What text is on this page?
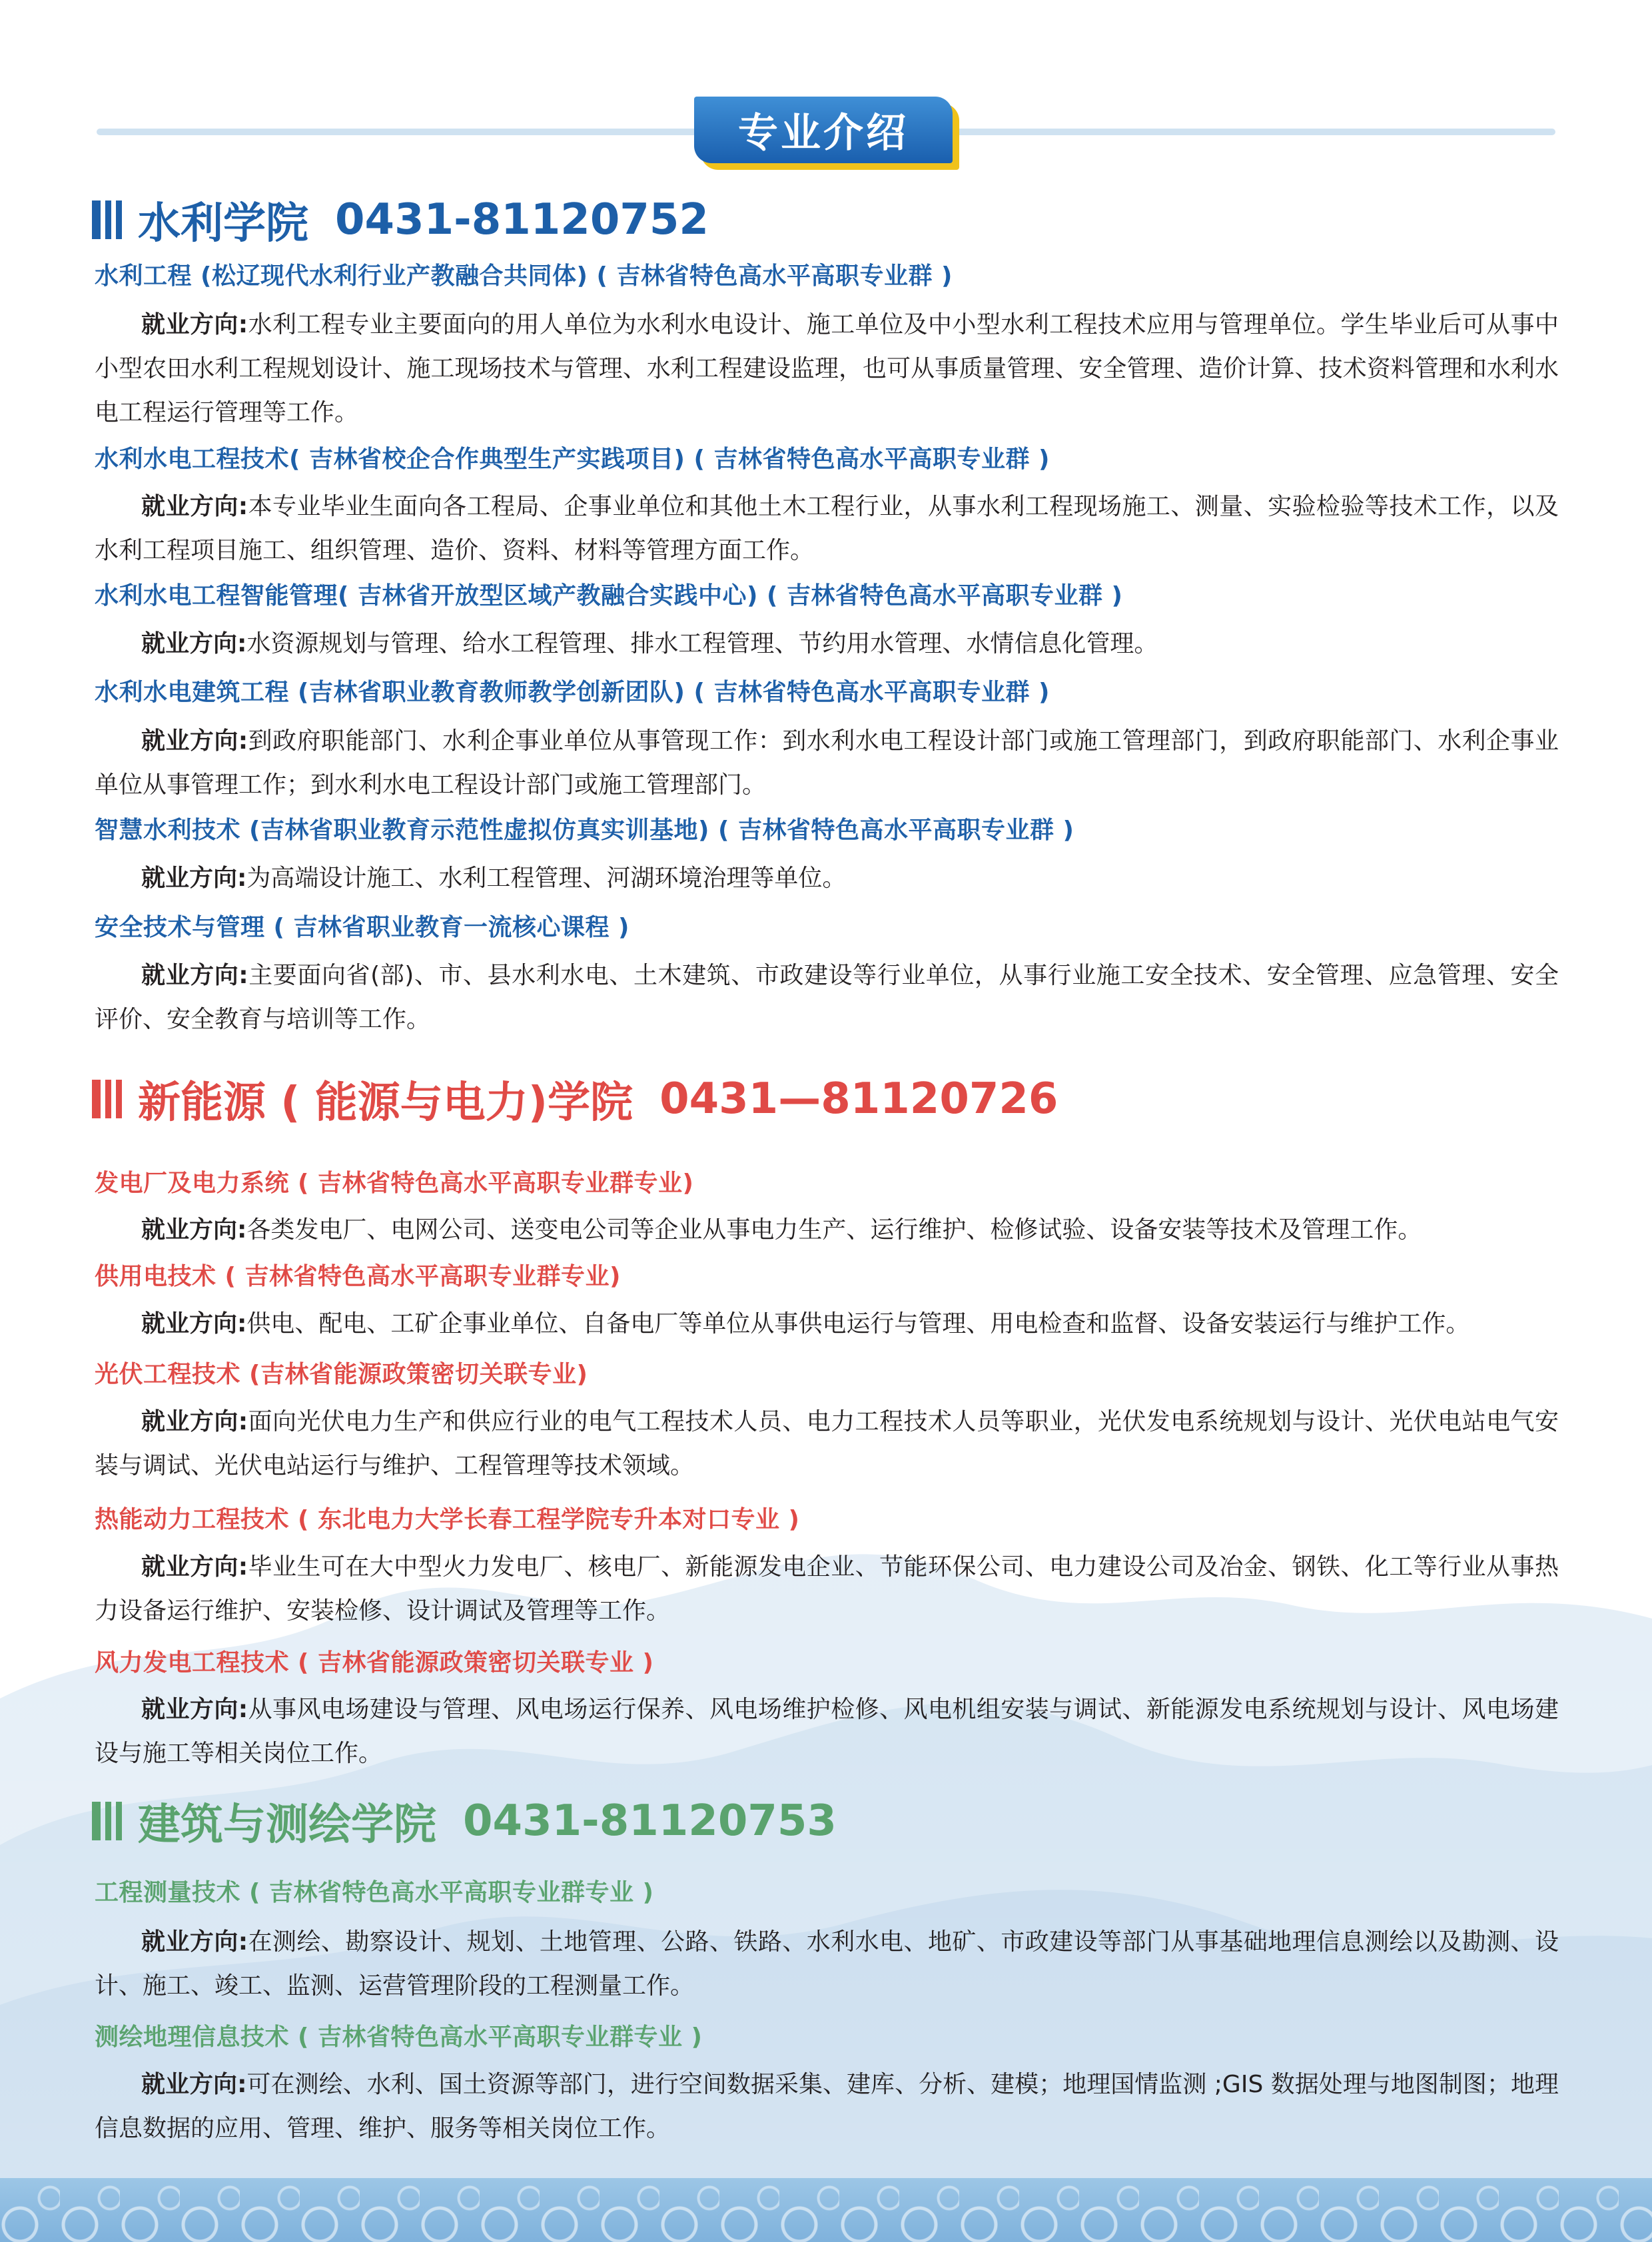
专业介绍
水利学院 0431-81120752
水利工程 (松辽现代水利行业产教融合共同体) ( 吉林省特色高水平高职专业群 )
就业方向:水利工程专业主要面向的用人单位为水利水电设计、施工单位及中小型水利工程技术应用与管理单位。学生毕业后可从事中小型农田水利工程规划设计、施工现场技术与管理、水利工程建设监理，也可从事质量管理、安全管理、造价计算、技术资料管理和水利水电工程运行管理等工作。
水利水电工程技术( 吉林省校企合作典型生产实践项目) ( 吉林省特色高水平高职专业群 )
就业方向:本专业毕业生面向各工程局、企事业单位和其他土木工程行业，从事水利工程现场施工、测量、实验检验等技术工作，以及水利工程项目施工、组织管理、造价、资料、材料等管理方面工作。
水利水电工程智能管理( 吉林省开放型区域产教融合实践中心) ( 吉林省特色高水平高职专业群 )
就业方向:水资源规划与管理、给水工程管理、排水工程管理、节约用水管理、水情信息化管理。
水利水电建筑工程 (吉林省职业教育教师教学创新团队) ( 吉林省特色高水平高职专业群 )
就业方向:到政府职能部门、水利企事业单位从事管现工作：到水利水电工程设计部门或施工管理部门，到政府职能部门、水利企事业单位从事管理工作；到水利水电工程设计部门或施工管理部门。
智慧水利技术 (吉林省职业教育示范性虚拟仿真实训基地) ( 吉林省特色高水平高职专业群 )
就业方向:为高端设计施工、水利工程管理、河湖环境治理等单位。
安全技术与管理 ( 吉林省职业教育一流核心课程 )
就业方向:主要面向省(部)、市、县水利水电、土木建筑、市政建设等行业单位，从事行业施工安全技术、安全管理、应急管理、安全评价、安全教育与培训等工作。
新能源 ( 能源与电力)学院 0431—81120726
发电厂及电力系统 ( 吉林省特色高水平高职专业群专业)
就业方向:各类发电厂、电网公司、送变电公司等企业从事电力生产、运行维护、检修试验、设备安装等技术及管理工作。
供用电技术 ( 吉林省特色高水平高职专业群专业)
就业方向:供电、配电、工矿企事业单位、自备电厂等单位从事供电运行与管理、用电检查和监督、设备安装运行与维护工作。
光伏工程技术 (吉林省能源政策密切关联专业)
就业方向:面向光伏电力生产和供应行业的电气工程技术人员、电力工程技术人员等职业，光伏发电系统规划与设计、光伏电站电气安装与调试、光伏电站运行与维护、工程管理等技术领域。
热能动力工程技术 ( 东北电力大学长春工程学院专升本对口专业 )
就业方向:毕业生可在大中型火力发电厂、核电厂、新能源发电企业、节能环保公司、电力建设公司及冶金、钢铁、化工等行业从事热力设备运行维护、安装检修、设计调试及管理等工作。
风力发电工程技术 ( 吉林省能源政策密切关联专业 )
就业方向:从事风电场建设与管理、风电场运行保养、风电场维护检修、风电机组安装与调试、新能源发电系统规划与设计、风电场建设与施工等相关岗位工作。
建筑与测绘学院 0431-81120753
工程测量技术 ( 吉林省特色高水平高职专业群专业 )
就业方向:在测绘、勘察设计、规划、土地管理、公路、铁路、水利水电、地矿、市政建设等部门从事基础地理信息测绘以及勘测、设计、施工、竣工、监测、运营管理阶段的工程测量工作。
测绘地理信息技术 ( 吉林省特色高水平高职专业群专业 )
就业方向:可在测绘、水利、国土资源等部门，进行空间数据采集、建库、分析、建模；地理国情监测 ;GIS 数据处理与地图制图；地理信息数据的应用、管理、维护、服务等相关岗位工作。
